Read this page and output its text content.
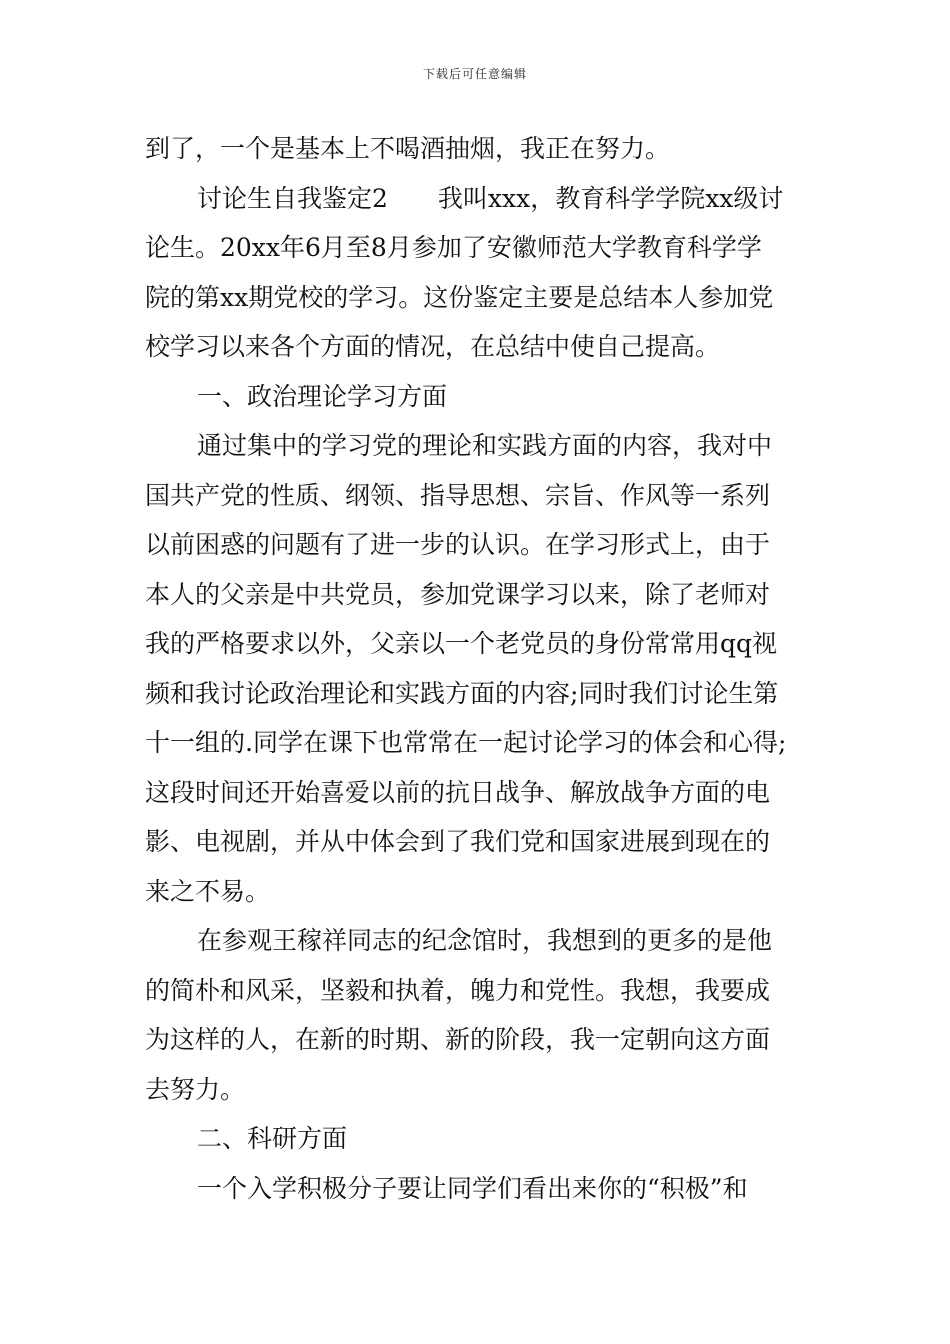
下载后可任意编辑
到了，一个是基本上不喝酒抽烟，我正在努力。
讨论生自我鉴定2　　我叫xxx，教育科学学院xx级讨
论生。20xx年6月至8月参加了安徽师范大学教育科学学
院的第xx期党校的学习。这份鉴定主要是总结本人参加党
校学习以来各个方面的情况，在总结中使自己提高。
一、政治理论学习方面
通过集中的学习党的理论和实践方面的内容，我对中
国共产党的性质、纲领、指导思想、宗旨、作风等一系列
以前困惑的问题有了进一步的认识。在学习形式上，由于
本人的父亲是中共党员，参加党课学习以来，除了老师对
我的严格要求以外，父亲以一个老党员的身份常常用qq视
频和我讨论政治理论和实践方面的内容;同时我们讨论生第
十一组的.同学在课下也常常在一起讨论学习的体会和心得;
这段时间还开始喜爱以前的抗日战争、解放战争方面的电
影、电视剧，并从中体会到了我们党和国家进展到现在的
来之不易。
在参观王稼祥同志的纪念馆时，我想到的更多的是他
的简朴和风采，坚毅和执着，魄力和党性。我想，我要成
为这样的人，在新的时期、新的阶段，我一定朝向这方面
去努力。
二、科研方面
一个入学积极分子要让同学们看出来你的“积极”和
